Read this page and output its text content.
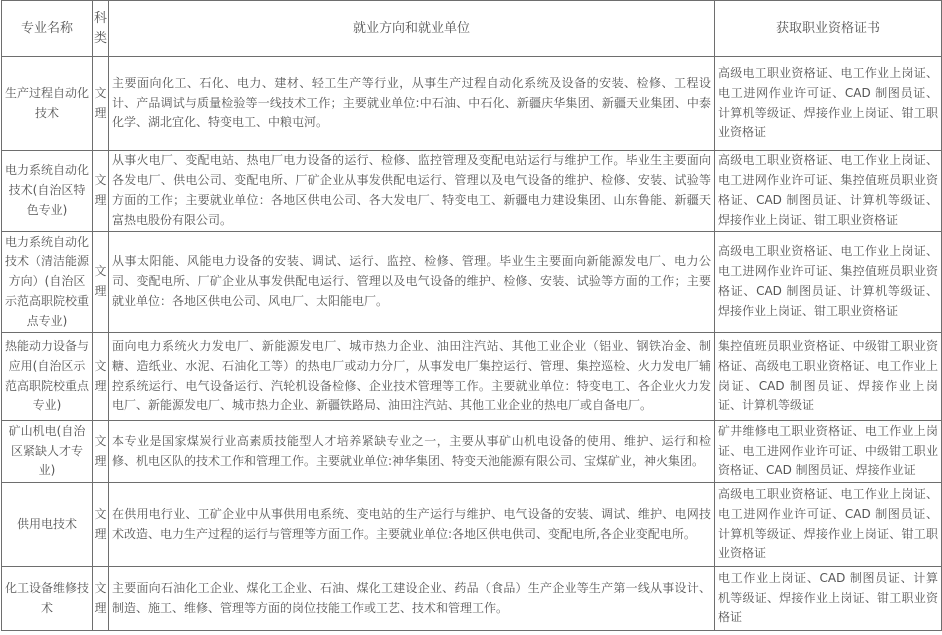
专业名称	科类	就业方向和就业单位	获取职业资格证书
生产过程自动化技术	文理	主要面向化工、石化、电力、建材、轻工生产等行业，从事生产过程自动化系统及设备的安装、检修、工程设计、产品调试与质量检验等一线技术工作；主要就业单位:中石油、中石化、新疆庆华集团、新疆天业集团、中泰化学、湖北宜化、特变电工、中粮屯河。	高级电工职业资格证、电工作业上岗证、电工进网作业许可证、CAD 制图员证、计算机等级证、焊接作业上岗证、钳工职业资格证
电力系统自动化技术(自治区特色专业)	文理	从事火电厂、变配电站、热电厂电力设备的运行、检修、监控管理及变配电站运行与维护工作。毕业生主要面向各发电厂、供电公司、变配电所、厂矿企业从事发供配电运行、管理以及电气设备的维护、检修、安装、试验等方面的工作；主要就业单位：各地区供电公司、各大发电厂、特变电工、新疆电力建设集团、山东鲁能、新疆天富热电股份有限公司。	高级电工职业资格证、电工作业上岗证、电工进网作业许可证、集控值班员职业资格证、CAD 制图员证、计算机等级证、焊接作业上岗证、钳工职业资格证
电力系统自动化技术（清洁能源方向）(自治区示范高职院校重点专业)	文理	从事太阳能、风能电力设备的安装、调试、运行、监控、检修、管理。毕业生主要面向新能源发电厂、电力公司、变配电所、厂矿企业从事发供配电运行、管理以及电气设备的维护、检修、安装、试验等方面的工作；主要就业单位：各地区供电公司、风电厂、太阳能电厂。	高级电工职业资格证、电工作业上岗证、电工进网作业许可证、集控值班员职业资格证、CAD 制图员证、计算机等级证、焊接作业上岗证、钳工职业资格证
热能动力设备与应用(自治区示范高职院校重点专业)	文理	面向电力系统火力发电厂、新能源发电厂、城市热力企业、油田注汽站、其他工业企业（铝业、钢铁冶金、制糖、造纸业、水泥、石油化工等）的热电厂或动力分厂，从事发电厂集控运行、管理、集控巡检、火力发电厂辅控系统运行、电气设备运行、汽轮机设备检修、企业技术管理等工作。主要就业单位：特变电工、各企业火力发电厂、新能源发电厂、城市热力企业、新疆铁路局、油田注汽站、其他工业企业的热电厂或自备电厂。	集控值班员职业资格证、中级钳工职业资格证、高级电工职业资格证、电工作业上岗证、CAD 制图员证、焊接作业上岗证、计算机等级证
矿山机电(自治区紧缺人才专业)	文理	本专业是国家煤炭行业高素质技能型人才培养紧缺专业之一，主要从事矿山机电设备的使用、维护、运行和检修、机电区队的技术工作和管理工作。主要就业单位:神华集团、特变天池能源有限公司、宝煤矿业，神火集团。	矿井维修电工职业资格证、电工作业上岗证、电工进网作业许可证、中级钳工职业资格证、CAD 制图员证、焊接作业证
供用电技术	文理	在供用电行业、工矿企业中从事供用电系统、变电站的生产运行与维护、电气设备的安装、调试、维护、电网技术改造、电力生产过程的运行与管理等方面工作。主要就业单位:各地区供电供司、变配电所,各企业变配电所。	高级电工职业资格证、电工作业上岗证、电工进网作业许可证、CAD 制图员证、计算机等级证、焊接作业上岗证、钳工职业资格证
化工设备维修技术	文理	主要面向石油化工企业、煤化工企业、石油、煤化工建设企业、药品（食品）生产企业等生产第一线从事设计、制造、施工、维修、管理等方面的岗位技能工作或工艺、技术和管理工作。	电工作业上岗证、CAD 制图员证、计算机等级证、焊接作业上岗证、钳工职业资格证
